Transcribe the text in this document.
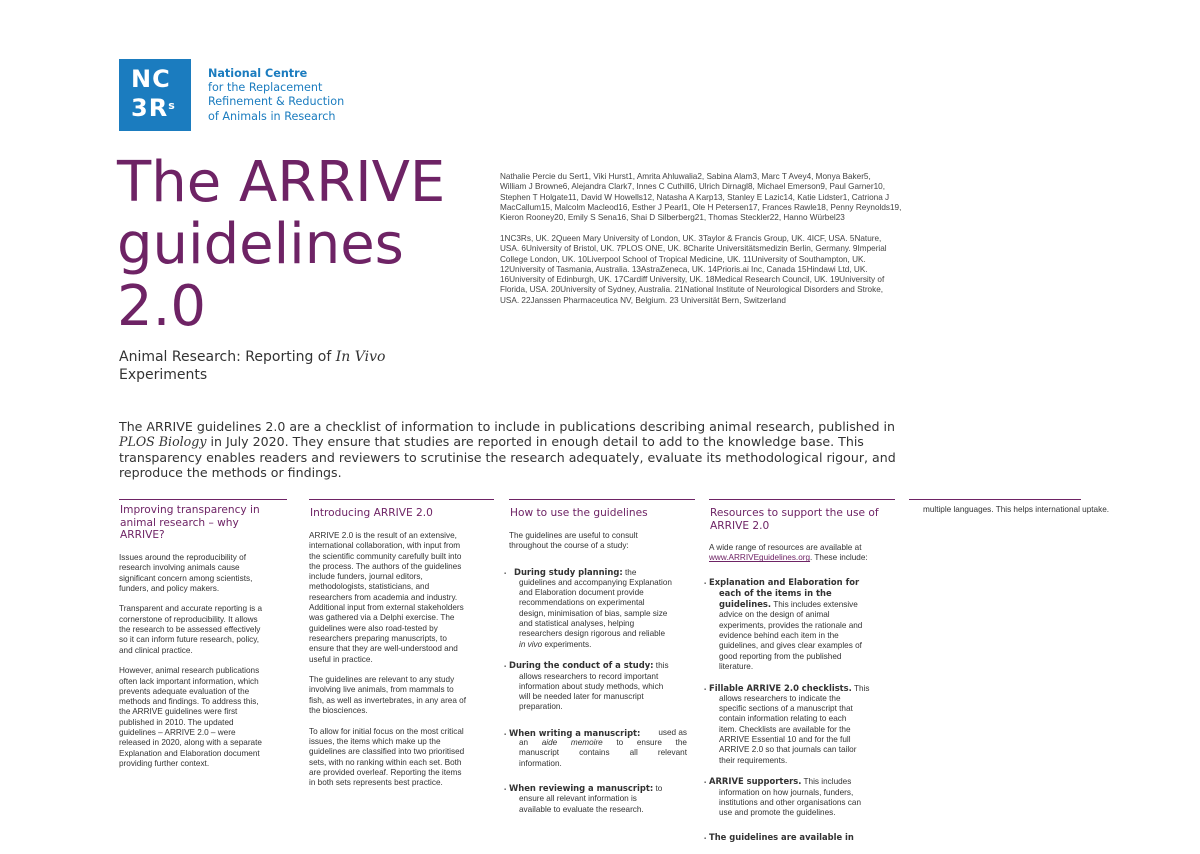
NC
$3R^s$
National Centre
for the Replacement
Refinement & Reduction
of Animals in Research
The ARRIVE
guidelines
2.0
Animal Research: Reporting of In Vivo
Experiments
Nathalie Percie du Sert1, Viki Hurst1, Amrita Ahluwalia2, Sabina Alam3, Marc T Avey4, Monya Baker5,
William J Browne6, Alejandra Clark7, Innes C Cuthill6, Ulrich Dirnagl8, Michael Emerson9, Paul Garner10,
Stephen T Holgate11, David W Howells12, Natasha A Karp13, Stanley E Lazic14, Katie Lidster1, Catriona J
MacCallum15, Malcolm Macleod16, Esther J Pearl1, Ole H Petersen17, Frances Rawle18, Penny Reynolds19,
Kieron Rooney20, Emily S Sena16, Shai D Silberberg21, Thomas Steckler22, Hanno Würbel23
1NC3Rs, UK. 2Queen Mary University of London, UK. 3Taylor & Francis Group, UK. 4ICF, USA. 5Nature,
USA. 6University of Bristol, UK. 7PLOS ONE, UK. 8Charite Universitätsmedizin Berlin, Germany. 9Imperial
College London, UK. 10Liverpool School of Tropical Medicine, UK. 11University of Southampton, UK.
12University of Tasmania, Australia. 13AstraZeneca, UK. 14Prioris.ai Inc, Canada 15Hindawi Ltd, UK.
16University of Edinburgh, UK. 17Cardiff University, UK. 18Medical Research Council, UK. 19University of
Florida, USA. 20University of Sydney, Australia. 21National Institute of Neurological Disorders and Stroke,
USA. 22Janssen Pharmaceutica NV, Belgium. 23 Universität Bern, Switzerland
The ARRIVE guidelines 2.0 are a checklist of information to include in publications describing animal research, published in
PLOS Biology in July 2020. They ensure that studies are reported in enough detail to add to the knowledge base. This
transparency enables readers and reviewers to scrutinise the research adequately, evaluate its methodological rigour, and
reproduce the methods or findings.
Improving transparency in
animal research – why
ARRIVE?

Issues around the reproducibility of
research involving animals cause
significant concern among scientists,
funders, and policy makers.

Transparent and accurate reporting is a
cornerstone of reproducibility. It allows
the research to be assessed effectively
so it can inform future research, policy,
and clinical practice.

However, animal research publications
often lack important information, which
prevents adequate evaluation of the
methods and findings. To address this,
the ARRIVE guidelines were first
published in 2010. The updated
guidelines – ARRIVE 2.0 – were
released in 2020, along with a separate
Explanation and Elaboration document
providing further context.

Introducing ARRIVE 2.0

ARRIVE 2.0 is the result of an extensive,
international collaboration, with input from
the scientific community carefully built into
the process. The authors of the guidelines
include funders, journal editors,
methodologists, statisticians, and
researchers from academia and industry.
Additional input from external stakeholders
was gathered via a Delphi exercise. The
guidelines were also road-tested by
researchers preparing manuscripts, to
ensure that they are well-understood and
useful in practice.

The guidelines are relevant to any study
involving live animals, from mammals to
fish, as well as invertebrates, in any area of
the biosciences.

To allow for initial focus on the most critical
issues, the items which make up the
guidelines are classified into two prioritised
sets, with no ranking within each set. Both
are provided overleaf. Reporting the items
in both sets represents best practice.

How to use the guidelines

The guidelines are useful to consult
throughout the course of a study:

▪ During study planning: the
guidelines and accompanying Explanation
and Elaboration document provide
recommendations on experimental
design, minimisation of bias, sample size
and statistical analyses, helping
researchers design rigorous and reliable
in vivo experiments.
▪ During the conduct of a study: this
allows researchers to record important
information about study methods, which
will be needed later for manuscript
preparation.
▪ When writing a manuscript: used as
an aide memoire to ensure the
manuscript contains all relevant
information.
▪ When reviewing a manuscript: to
ensure all relevant information is
available to evaluate the research.
Resources to support the use of
ARRIVE 2.0

A wide range of resources are available at
www.ARRIVEguidelines.org. These include:

▪ Explanation and Elaboration for
each of the items in the
guidelines. This includes extensive
advice on the design of animal
experiments, provides the rationale and
evidence behind each item in the
guidelines, and gives clear examples of
good reporting from the published
literature.
▪ Fillable ARRIVE 2.0 checklists. This
allows researchers to indicate the
specific sections of a manuscript that
contain information relating to each
item. Checklists are available for the
ARRIVE Essential 10 and for the full
ARRIVE 2.0 so that journals can tailor
their requirements.
▪ ARRIVE supporters. This includes
information on how journals, funders,
institutions and other organisations can
use and promote the guidelines.
▪ The guidelines are available in
multiple languages. This helps international uptake.
